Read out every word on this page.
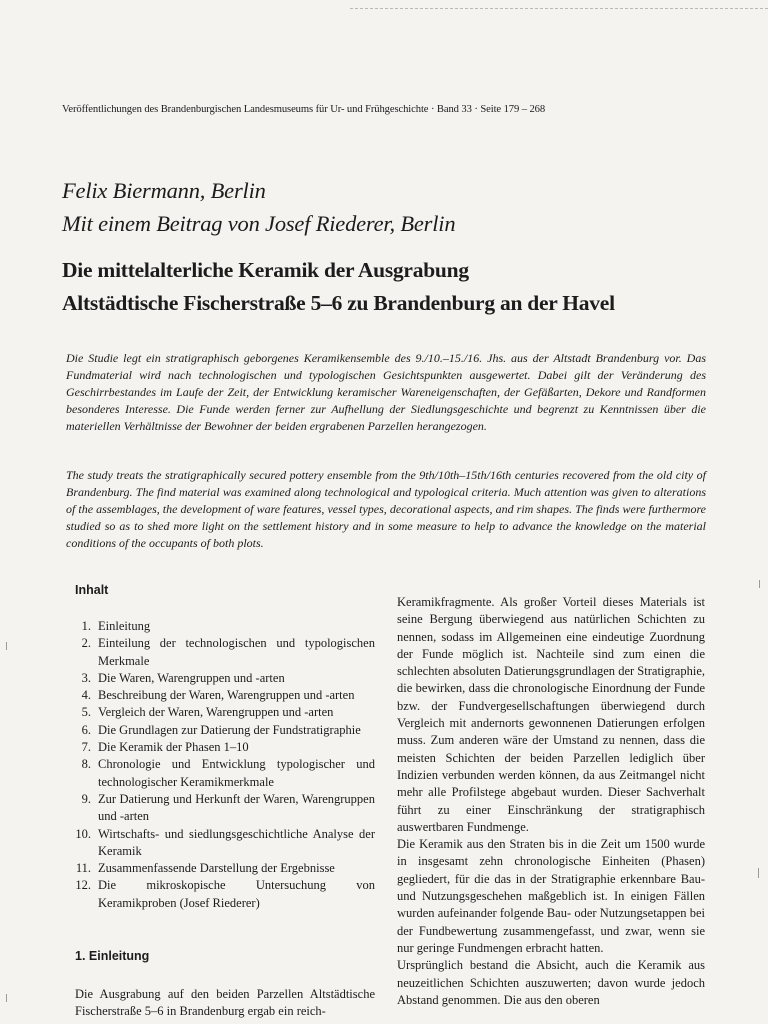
Veröffentlichungen des Brandenburgischen Landesmuseums für Ur- und Frühgeschichte · Band 33 · Seite 179 – 268
Felix Biermann, Berlin
Mit einem Beitrag von Josef Riederer, Berlin
Die mittelalterliche Keramik der Ausgrabung
Altstädtische Fischerstraße 5–6 zu Brandenburg an der Havel

Die Studie legt ein stratigraphisch geborgenes Keramikensemble des 9./10.–15./16. Jhs. aus der Altstadt Brandenburg vor. Das Fundmaterial wird nach technologischen und typologischen Gesichtspunkten ausgewertet. Dabei gilt der Veränderung des Geschirrbestandes im Laufe der Zeit, der Entwicklung keramischer Wareneigenschaften, der Gefäßarten, Dekore und Randformen besonderes Interesse. Die Funde werden ferner zur Aufhellung der Siedlungsgeschichte und begrenzt zu Kenntnissen über die materiellen Verhältnisse der Bewohner der beiden ergrabenen Parzellen herangezogen.

The study treats the stratigraphically secured pottery ensemble from the 9th/10th–15th/16th centuries recovered from the old city of Brandenburg. The find material was examined along technological and typological criteria. Much attention was given to alterations of the assemblages, the development of ware features, vessel types, decorational aspects, and rim shapes. The finds were furthermore studied so as to shed more light on the settlement history and in some measure to help to advance the knowledge on the material conditions of the occupants of both plots.

Inhalt
1. Einleitung
2. Einteilung der technologischen und typologischen Merkmale
3. Die Waren, Warengruppen und -arten
4. Beschreibung der Waren, Warengruppen und -arten
5. Vergleich der Waren, Warengruppen und -arten
6. Die Grundlagen zur Datierung der Fundstratigraphie
7. Die Keramik der Phasen 1–10
8. Chronologie und Entwicklung typologischer und technologischer Keramikmerkmale
9. Zur Datierung und Herkunft der Waren, Warengruppen und -arten
10. Wirtschafts- und siedlungsgeschichtliche Analyse der Keramik
11. Zusammenfassende Darstellung der Ergebnisse
12. Die mikroskopische Untersuchung von Keramikproben (Josef Riederer)
1. Einleitung

Die Ausgrabung auf den beiden Parzellen Altstädtische Fischerstraße 5–6 in Brandenburg ergab ein reich-

Keramikfragmente. Als großer Vorteil dieses Materials ist seine Bergung überwiegend aus natürlichen Schichten zu nennen, sodass im Allgemeinen eine eindeutige Zuordnung der Funde möglich ist. Nachteile sind zum einen die schlechten absoluten Datierungsgrundlagen der Stratigraphie, die bewirken, dass die chronologische Einordnung der Funde bzw. der Fundvergesellschaftungen überwiegend durch Vergleich mit andernorts gewonnenen Datierungen erfolgen muss. Zum anderen wäre der Umstand zu nennen, dass die meisten Schichten der beiden Parzellen lediglich über Indizien verbunden werden können, da aus Zeitmangel nicht mehr alle Profilstege abgebaut wurden. Dieser Sachverhalt führt zu einer Einschränkung der stratigraphisch auswertbaren Fundmenge.

Die Keramik aus den Straten bis in die Zeit um 1500 wurde in insgesamt zehn chronologische Einheiten (Phasen) gegliedert, für die das in der Stratigraphie erkennbare Bau- und Nutzungsgeschehen maßgeblich ist. In einigen Fällen wurden aufeinander folgende Bau- oder Nutzungsetappen bei der Fundbewertung zusammengefasst, und zwar, wenn sie nur geringe Fundmengen erbracht hatten.

Ursprünglich bestand die Absicht, auch die Keramik aus neuzeitlichen Schichten auszuwerten; davon wurde jedoch Abstand genommen. Die aus den oberen
